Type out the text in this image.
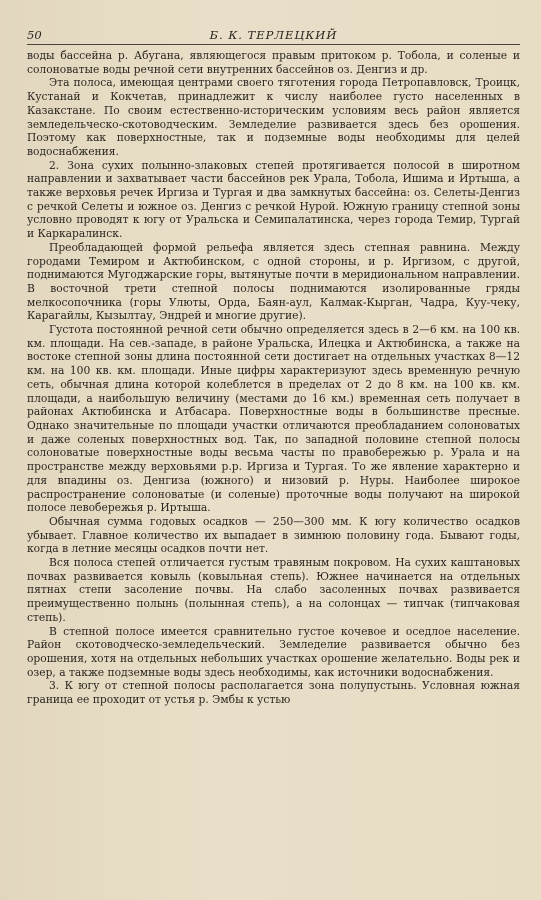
50	Б. К. ТЕРЛЕЦКИЙ

воды бассейна р. Абугана, являющегося правым притоком р. Тобола, и соленые и солоноватые воды речной сети внутренних бассейнов оз. Денгиз и др.

Эта полоса, имеющая центрами своего тяготения города Петропавловск, Троицк, Кустанай и Кокчетав, принадлежит к числу наиболее густо населенных в Казакстане. По своим естественно-историческим условиям весь район является земледельческо-скотоводческим. Земледелие развивается здесь без орошения. Поэтому как поверхностные, так и подземные воды необходимы для целей водоснабжения.

2. Зона сухих полынно-злаковых степей протягивается полосой в широтном направлении и захватывает части бассейнов рек Урала, Тобола, Ишима и Иртыша, а также верховья речек Иргиза и Тургая и два замкнутых бассейна: оз. Селеты-Денгиз с речкой Селеты и южное оз. Денгиз с речкой Нурой. Южную границу степной зоны условно проводят к югу от Уральска и Семипалатинска, через города Темир, Тургай и Каркаралинск.

Преобладающей формой рельефа является здесь степная равнина. Между городами Темиром и Актюбинском, с одной стороны, и р. Иргизом, с другой, поднимаются Мугоджарские горы, вытянутые почти в меридиональном направлении. В восточной трети степной полосы поднимаются изолированные гряды мелкосопочника (горы Улюты, Орда, Баян-аул, Калмак-Кырган, Чадра, Куу-чеку, Карагайлы, Кызылтау, Эндрей и многие другие).

Густота постоянной речной сети обычно определяется здесь в 2—6 км. на 100 кв. км. площади. На сев.-западе, в районе Уральска, Илецка и Актюбинска, а также на востоке степной зоны длина постоянной сети достигает на отдельных участках 8—12 км. на 100 кв. км. площади. Иные цифры характеризуют здесь временную речную сеть, обычная длина которой колеблется в пределах от 2 до 8 км. на 100 кв. км. площади, а наибольшую величину (местами до 16 км.) временная сеть получает в районах Актюбинска и Атбасара. Поверхностные воды в большинстве пресные. Однако значительные по площади участки отличаются преобладанием солоноватых и даже соленых поверхностных вод. Так, по западной половине степной полосы солоноватые поверхностные воды весьма часты по правобережью р. Урала и на пространстве между верховьями р.р. Иргиза и Тургая. То же явление характерно и для впадины оз. Денгиза (южного) и низовий р. Нуры. Наиболее широкое распространение солоноватые (и соленые) проточные воды получают на широкой полосе левобережья р. Иртыша.

Обычная сумма годовых осадков — 250—300 мм. К югу количество осадков убывает. Главное количество их выпадает в зимнюю половину года. Бывают годы, когда в летние месяцы осадков почти нет.

Вся полоса степей отличается густым травяным покровом. На сухих каштановых почвах развивается ковыль (ковыльная степь). Южнее начинается на отдельных пятнах степи засоление почвы. На слабо засоленных почвах развивается преимущественно полынь (полынная степь), а на солонцах — типчак (типчаковая степь).

В степной полосе имеется сравнительно густое кочевое и оседлое население. Район скотоводческо-земледельческий. Земледелие развивается обычно без орошения, хотя на отдельных небольших участках орошение желательно. Воды рек и озер, а также подземные воды здесь необходимы, как источники водоснабжения.

3. К югу от степной полосы располагается зона полупустынь. Условная южная граница ее проходит от устья р. Эмбы к устью
